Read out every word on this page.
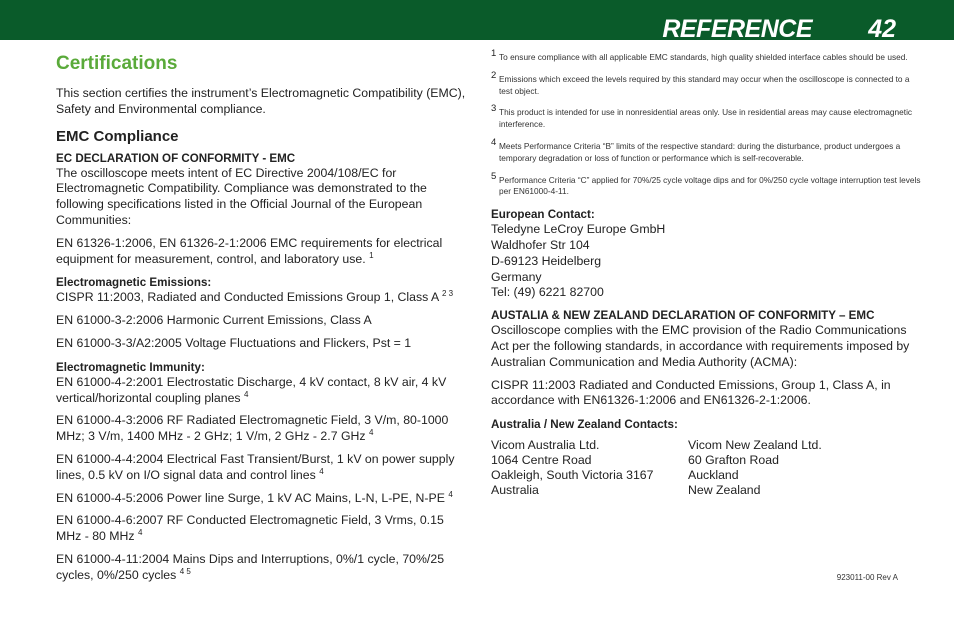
REFERENCE 42
Certifications

This section certifies the instrument’s Electromagnetic Compatibility (EMC), Safety and Environmental compliance.

EMC Compliance

EC DECLARATION OF CONFORMITY - EMC

The oscilloscope meets intent of EC Directive 2004/108/EC for Electromagnetic Compatibility. Compliance was demonstrated to the following specifications listed in the Official Journal of the European Communities:

EN 61326-1:2006, EN 61326-2-1:2006 EMC requirements for electrical equipment for measurement, control, and laboratory use. $^1$

Electromagnetic Emissions:

CISPR 11:2003, Radiated and Conducted Emissions Group 1, Class A $^{2 3}$

EN 61000-3-2:2006 Harmonic Current Emissions, Class A

EN 61000-3-3/A2:2005 Voltage Fluctuations and Flickers, Pst = 1

Electromagnetic Immunity:

EN 61000-4-2:2001 Electrostatic Discharge, 4 kV contact, 8 kV air, 4 kV vertical/horizontal coupling planes $^4$

EN 61000-4-3:2006 RF Radiated Electromagnetic Field, 3 V/m, 80-1000 MHz; 3 V/m, 1400 MHz - 2 GHz; 1 V/m, 2 GHz - 2.7 GHz $^4$

EN 61000-4-4:2004 Electrical Fast Transient/Burst, 1 kV on power supply lines, 0.5 kV on I/O signal data and control lines $^4$

EN 61000-4-5:2006 Power line Surge, 1 kV AC Mains, L-N, L-PE, N-PE $^4$

EN 61000-4-6:2007 RF Conducted Electromagnetic Field, 3 Vrms, 0.15 MHz - 80 MHz $^4$

EN 61000-4-11:2004 Mains Dips and Interruptions, 0%/1 cycle, 70%/25 cycles, 0%/250 cycles $^{4 5}$

1 To ensure compliance with all applicable EMC standards, high quality shielded interface cables should be used.
2 Emissions which exceed the levels required by this standard may occur when the oscilloscope is connected to a test object.
3 This product is intended for use in nonresidential areas only. Use in residential areas may cause electromagnetic interference.
4 Meets Performance Criteria “B” limits of the respective standard: during the disturbance, product undergoes a temporary degradation or loss of function or performance which is self-recoverable.
5 Performance Criteria “C” applied for 70%/25 cycle voltage dips and for 0%/250 cycle voltage interruption test levels per EN61000-4-11.

European Contact:

Teledyne LeCroy Europe GmbH

Waldhofer Str 104

D-69123 Heidelberg

Germany

Tel: (49) 6221 82700

AUSTALIA & NEW ZEALAND DECLARATION OF CONFORMITY – EMC

Oscilloscope complies with the EMC provision of the Radio Communications Act per the following standards, in accordance with requirements imposed by Australian Communication and Media Authority (ACMA):

CISPR 11:2003 Radiated and Conducted Emissions, Group 1, Class A, in accordance with EN61326-1:2006 and EN61326-2-1:2006.

Australia / New Zealand Contacts:

Vicom Australia Ltd.

1064 Centre Road

Oakleigh, South Victoria 3167

Australia

Vicom New Zealand Ltd.

60 Grafton Road

Auckland

New Zealand

923011-00 Rev A
